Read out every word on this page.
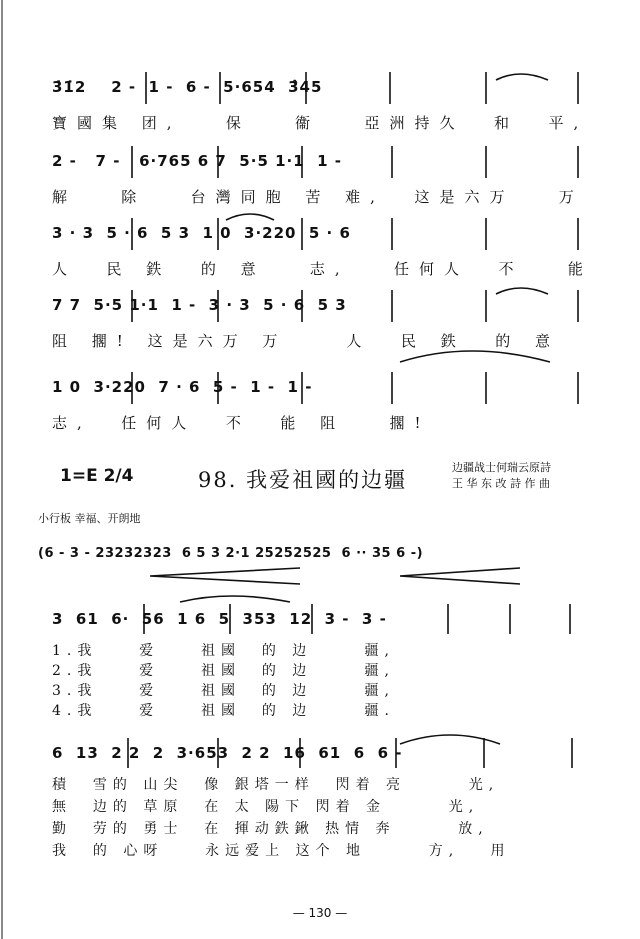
3̇1̇2    2 -  1 -  6 -  5·654  3̂45
寶國集 团,   保   衞   亞洲持久  和  平,
2 -   7 -   6·765 6 7  5·5 1·1  1 -
解   除   台灣同胞 苦 难,  这是六万   万
3 · 3  5 · 6  5 3  1 0  3·220  5 · 6
人  民 鉄  的 意   志,   任何人  不   能
7 7  5·5 1·1  1 -  3 · 3  5 · 6  5 3
阻 擱! 这是六万 万    人  民 鉄  的 意
1 0  3·220  7 · 6  5 -  1 -  1 -
志,  任何人  不  能 阻   擱!
1=E 2/4	98. 我爱祖國的边疆
边疆战士何瑞云原詩
王 华 东 改 詩 作 曲
小行板 幸福、开朗地
(6 - 3 - 23232323  6 5 3 2·1 25252525  6 ·· 35 6 -)
3  61  6·  56  1 6  5  353  12  3 -  3 -
1.我    爱    祖國  的 边     疆,
2.我    爱    祖國  的 边     疆,
3.我    爱    祖國  的 边     疆,
4.我    爱    祖國  的 边     疆.
6  13  2 2  2  3·653  2 2  16  61  6  6 -
積  雪的 山尖  像 銀塔一样  閃着 亮      光,
無  边的 草原  在 太 陽下 閃着 金      光,
勤  劳的 勇士  在 揮动鉄鍬 热情 奔      放,
我  的 心呀    永远爱上 这个 地      方,   用
— 130 —
